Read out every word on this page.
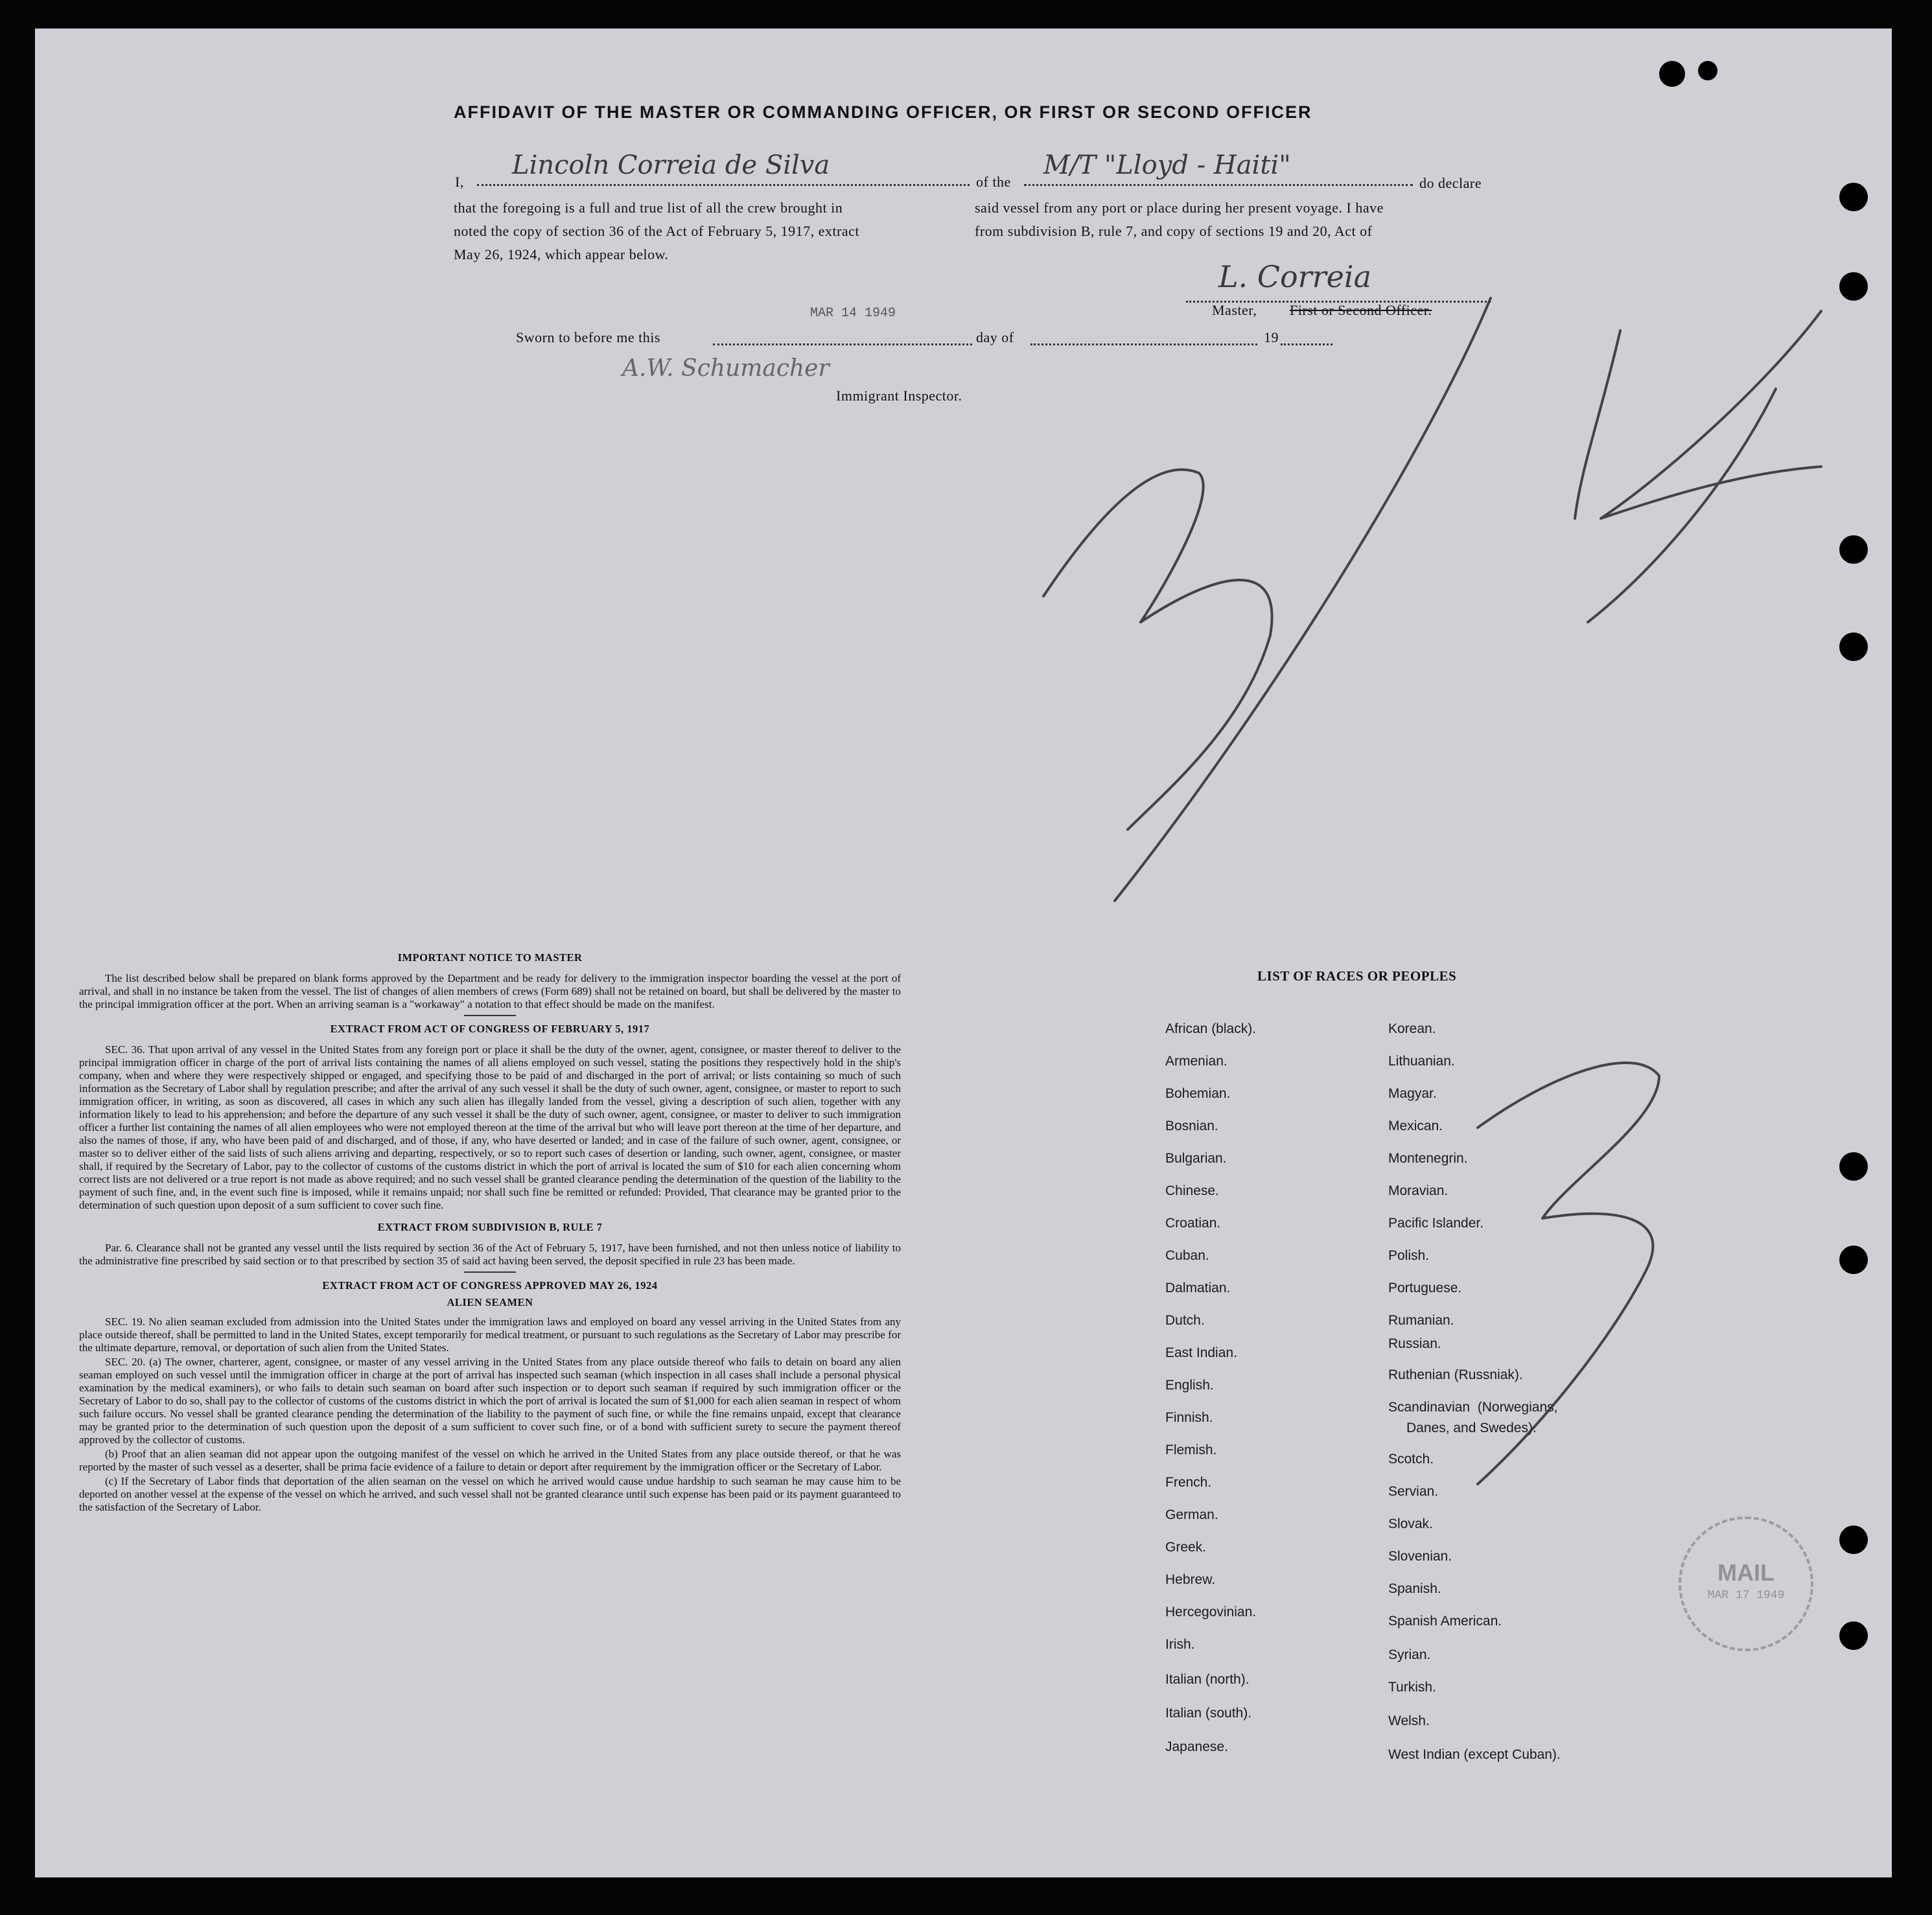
AFFIDAVIT OF THE MASTER OR COMMANDING OFFICER, OR FIRST OR SECOND OFFICER
I,
Lincoln Correia de Silva
of the
M/T "Lloyd - Haiti"
do declare
that the foregoing is a full and true list of all the crew brought in	said vessel from any port or place during her present voyage. I have
noted the copy of section 36 of the Act of February 5, 1917, extract	from subdivision B, rule 7, and copy of sections 19 and 20, Act of
May 26, 1924, which appear below.
L. Correia
Master, First or Second Officer.
Sworn to before me this
MAR 14 1949
day of	19
A.W. Schumacher
Immigrant Inspector.
IMPORTANT NOTICE TO MASTER
The list described below shall be prepared on blank forms approved by the Department and be ready for delivery to the immigration inspector boarding the vessel at the port of arrival, and shall in no instance be taken from the vessel. The list of changes of alien members of crews (Form 689) shall not be retained on board, but shall be delivered by the master to the principal immigration officer at the port. When an arriving seaman is a "workaway" a notation to that effect should be made on the manifest.
EXTRACT FROM ACT OF CONGRESS OF FEBRUARY 5, 1917
SEC. 36. That upon arrival of any vessel in the United States from any foreign port or place it shall be the duty of the owner, agent, consignee, or master thereof to deliver to the principal immigration officer in charge of the port of arrival lists containing the names of all aliens employed on such vessel, stating the positions they respectively hold in the ship's company, when and where they were respectively shipped or engaged, and specifying those to be paid of and discharged in the port of arrival; or lists containing so much of such information as the Secretary of Labor shall by regulation prescribe; and after the arrival of any such vessel it shall be the duty of such owner, agent, consignee, or master to report to such immigration officer, in writing, as soon as discovered, all cases in which any such alien has illegally landed from the vessel, giving a description of such alien, together with any information likely to lead to his apprehension; and before the departure of any such vessel it shall be the duty of such owner, agent, consignee, or master to deliver to such immigration officer a further list containing the names of all alien employees who were not employed thereon at the time of the arrival but who will leave port thereon at the time of her departure, and also the names of those, if any, who have been paid of and discharged, and of those, if any, who have deserted or landed; and in case of the failure of such owner, agent, consignee, or master so to deliver either of the said lists of such aliens arriving and departing, respectively, or so to report such cases of desertion or landing, such owner, agent, consignee, or master shall, if required by the Secretary of Labor, pay to the collector of customs of the customs district in which the port of arrival is located the sum of $10 for each alien concerning whom correct lists are not delivered or a true report is not made as above required; and no such vessel shall be granted clearance pending the determination of the question of the liability to the payment of such fine, and, in the event such fine is imposed, while it remains unpaid; nor shall such fine be remitted or refunded: Provided, That clearance may be granted prior to the determination of such question upon deposit of a sum sufficient to cover such fine.
EXTRACT FROM SUBDIVISION B, RULE 7
Par. 6. Clearance shall not be granted any vessel until the lists required by section 36 of the Act of February 5, 1917, have been furnished, and not then unless notice of liability to the administrative fine prescribed by said section or to that prescribed by section 35 of said act having been served, the deposit specified in rule 23 has been made.
EXTRACT FROM ACT OF CONGRESS APPROVED MAY 26, 1924
ALIEN SEAMEN
SEC. 19. No alien seaman excluded from admission into the United States under the immigration laws and employed on board any vessel arriving in the United States from any place outside thereof, shall be permitted to land in the United States, except temporarily for medical treatment, or pursuant to such regulations as the Secretary of Labor may prescribe for the ultimate departure, removal, or deportation of such alien from the United States.
SEC. 20. (a) The owner, charterer, agent, consignee, or master of any vessel arriving in the United States from any place outside thereof who fails to detain on board any alien seaman employed on such vessel until the immigration officer in charge at the port of arrival has inspected such seaman (which inspection in all cases shall include a personal physical examination by the medical examiners), or who fails to detain such seaman on board after such inspection or to deport such seaman if required by such immigration officer or the Secretary of Labor to do so, shall pay to the collector of customs of the customs district in which the port of arrival is located the sum of $1,000 for each alien seaman in respect of whom such failure occurs. No vessel shall be granted clearance pending the determination of the liability to the payment of such fine, or while the fine remains unpaid, except that clearance may be granted prior to the determination of such question upon the deposit of a sum sufficient to cover such fine, or of a bond with sufficient surety to secure the payment thereof approved by the collector of customs.
(b) Proof that an alien seaman did not appear upon the outgoing manifest of the vessel on which he arrived in the United States from any place outside thereof, or that he was reported by the master of such vessel as a deserter, shall be prima facie evidence of a failure to detain or deport after requirement by the immigration officer or the Secretary of Labor.
(c) If the Secretary of Labor finds that deportation of the alien seaman on the vessel on which he arrived would cause undue hardship to such seaman he may cause him to be deported on another vessel at the expense of the vessel on which he arrived, and such vessel shall not be granted clearance until such expense has been paid or its payment guaranteed to the satisfaction of the Secretary of Labor.
LIST OF RACES OR PEOPLES
African (black).
Armenian.
Bohemian.
Bosnian.
Bulgarian.
Chinese.
Croatian.
Cuban.
Dalmatian.
Dutch.
East Indian.
English.
Finnish.
Flemish.
French.
German.
Greek.
Hebrew.
Hercegovinian.
Irish.
Italian (north).
Italian (south).
Japanese.
Korean.
Lithuanian.
Magyar.
Mexican.
Montenegrin.
Moravian.
Pacific Islander.
Polish.
Portuguese.
Rumanian.
Russian.
Ruthenian (Russniak).
Scandinavian  (Norwegians,
Danes, and Swedes).
Scotch.
Servian.
Slovak.
Slovenian.
Spanish.
Spanish American.
Syrian.
Turkish.
Welsh.
West Indian (except Cuban).
MAIL
MAR 17 1949
